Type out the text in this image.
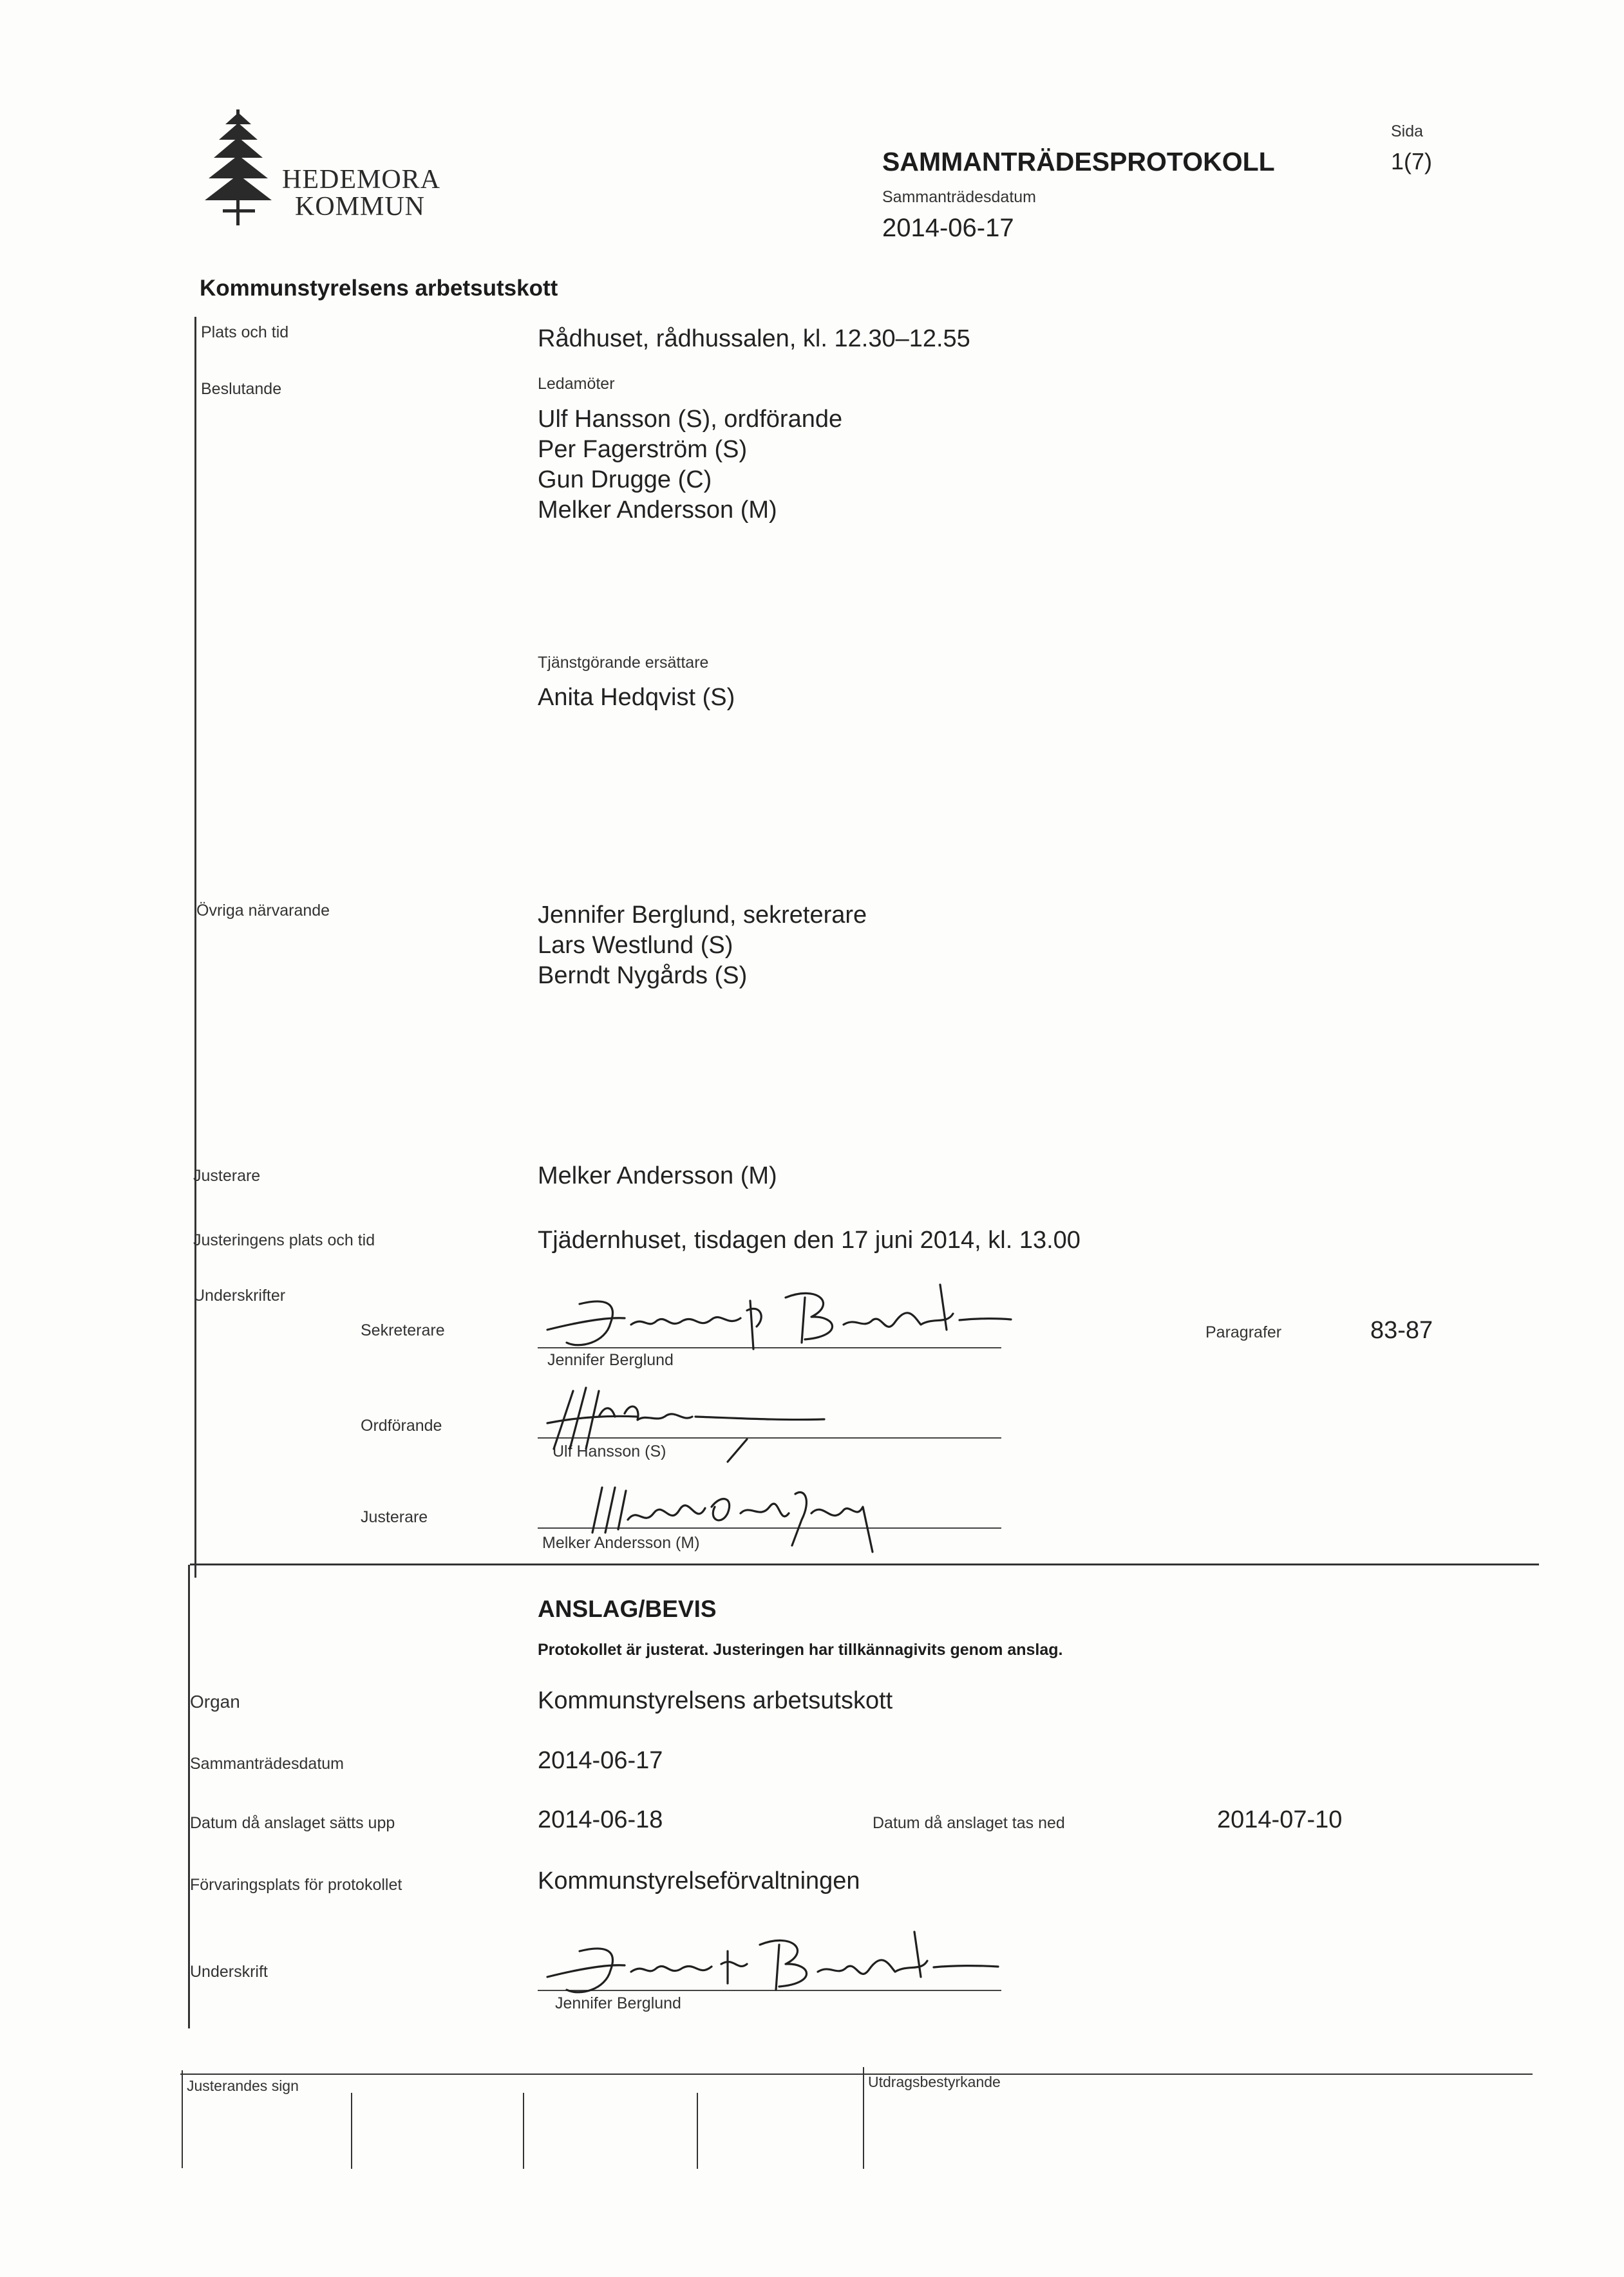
HEDEMORA
KOMMUN
SAMMANTRÄDESPROTOKOLL
Sammanträdesdatum
2014-06-17
Sida
1(7)
Kommunstyrelsens arbetsutskott
Plats och tid	Rådhuset, rådhussalen, kl. 12.30–12.55
Beslutande	Ledamöter
Ulf Hansson (S), ordförande
Per Fagerström (S)
Gun Drugge (C)
Melker Andersson (M)
Tjänstgörande ersättare
Anita Hedqvist (S)
Övriga närvarande	Jennifer Berglund, sekreterare
Lars Westlund (S)
Berndt Nygårds (S)
Justerare	Melker Andersson (M)
Justeringens plats och tid	Tjädernhuset, tisdagen den 17 juni 2014, kl. 13.00
Underskrifter
Sekreterare
Jennifer Berglund
Paragrafer	83-87
Ordförande
Ulf Hansson (S)
Justerare
Melker Andersson (M)
ANSLAG/BEVIS
Protokollet är justerat. Justeringen har tillkännagivits genom anslag.
Organ	Kommunstyrelsens arbetsutskott
Sammanträdesdatum	2014-06-17
Datum då anslaget sätts upp	2014-06-18	Datum då anslaget tas ned	2014-07-10
Förvaringsplats för protokollet	Kommunstyrelseförvaltningen
Underskrift
Jennifer Berglund
Justerandes sign	Utdragsbestyrkande
